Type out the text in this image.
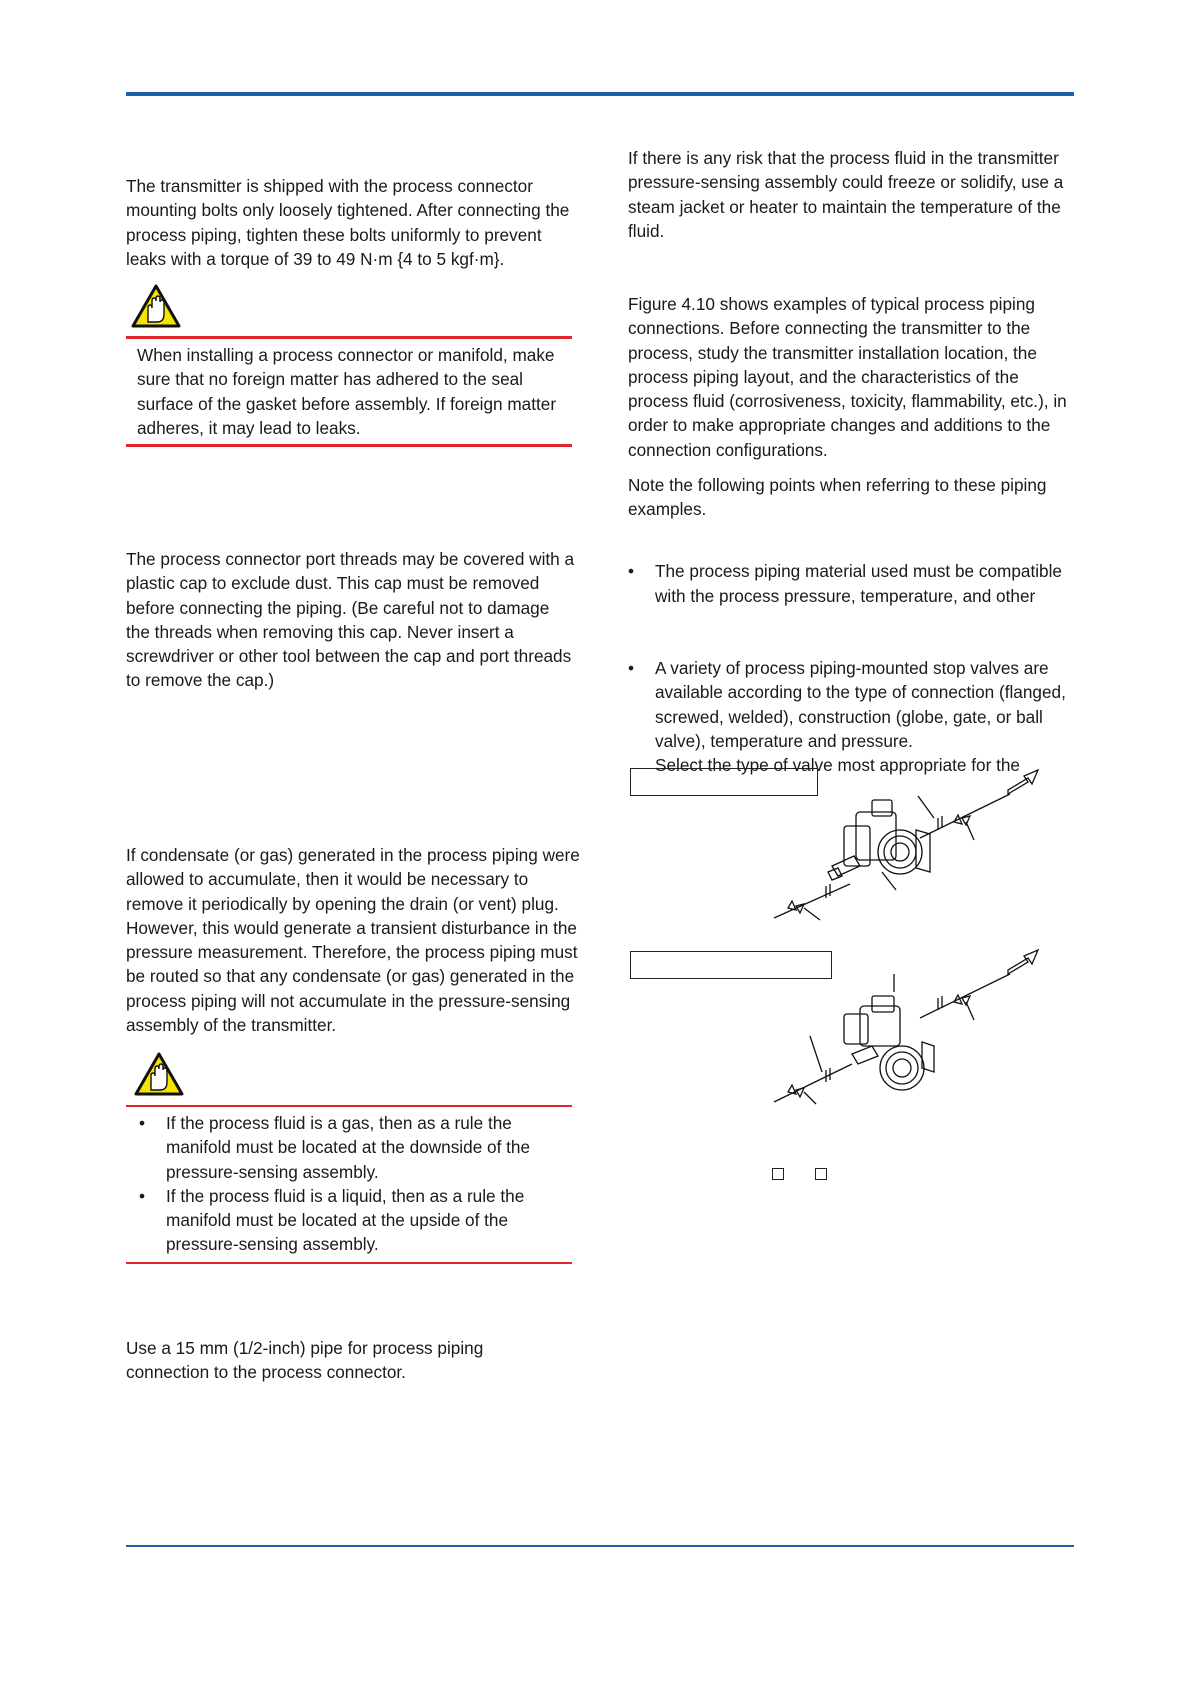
The transmitter is shipped with the process connector mounting bolts only loosely tightened. After connecting the process piping, tighten these bolts uniformly to prevent leaks with a torque of 39 to 49 N·m {4 to 5 kgf·m}.

When installing a process connector or manifold, make sure that no foreign matter has adhered to the seal surface of the gasket before assembly. If foreign matter adheres, it may lead to leaks.

The process connector port threads may be covered with a plastic cap to exclude dust. This cap must be removed before connecting the piping. (Be careful not to damage the threads when removing this cap. Never insert a screwdriver or other tool between the cap and port threads to remove the cap.)

If condensate (or gas) generated in the process piping were allowed to accumulate, then it would be necessary to remove it periodically by opening the drain (or vent) plug. However, this would generate a transient disturbance in the pressure measurement. Therefore, the process piping must be routed so that any condensate (or gas) generated in the process piping will not accumulate in the pressure-sensing assembly of the transmitter.

• If the process fluid is a gas, then as a rule the manifold must be located at the downside of the pressure-sensing assembly.
• If the process fluid is a liquid, then as a rule the manifold must be located at the upside of the pressure-sensing assembly.

Use a 15 mm (1/2-inch) pipe for process piping connection to the process connector.

If there is any risk that the process fluid in the transmitter pressure-sensing assembly could freeze or solidify, use a steam jacket or heater to maintain the temperature of the fluid.

Figure 4.10 shows examples of typical process piping connections. Before connecting the transmitter to the process, study the transmitter installation location, the process piping layout, and the characteristics of the process fluid (corrosiveness, toxicity, flammability, etc.), in order to make appropriate changes and additions to the connection configurations.

Note the following points when referring to these piping examples.

• The process piping material used must be compatible with the process pressure, temperature, and other

• A variety of process piping-mounted stop valves are available according to the type of connection (flanged, screwed, welded), construction (globe, gate, or ball valve), temperature and pressure.
Select the type of valve most appropriate for the
